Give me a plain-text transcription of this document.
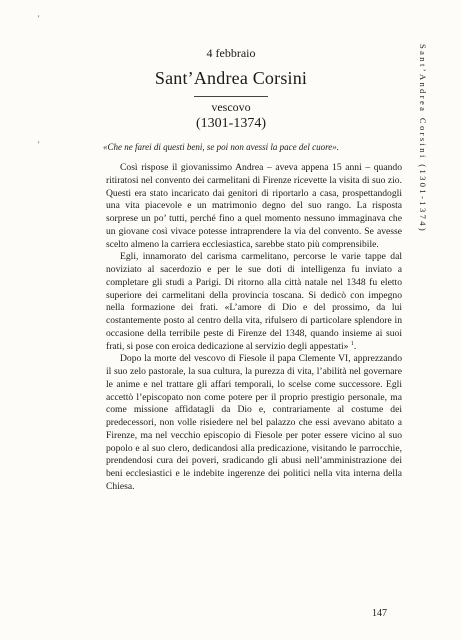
'
'
4 febbraio
Sant’Andrea Corsini
vescovo
(1301-1374)
«Che ne farei di questi beni, se poi non avessi la pace del cuore».

Così rispose il giovanissimo Andrea – aveva appena 15 anni – quando ritiratosi nel convento dei carmelitani di Firenze ricevette la visita di suo zio. Questi era stato incaricato dai genitori di riportarlo a casa, prospettandogli una vita piacevole e un matrimonio degno del suo rango. La risposta sorprese un po’ tutti, perché fino a quel momento nessuno immaginava che un giovane così vivace potesse intraprendere la via del convento. Se avesse scelto almeno la carriera ecclesiastica, sarebbe stato più comprensibile.

Egli, innamorato del carisma carmelitano, percorse le varie tappe dal noviziato al sacerdozio e per le sue doti di intelligenza fu inviato a completare gli studi a Parigi. Di ritorno alla città natale nel 1348 fu eletto superiore dei carmelitani della provincia toscana. Si dedicò con impegno nella formazione dei frati. «L’amore di Dio e del prossimo, da lui costantemente posto al centro della vita, rifulsero di particolare splendore in occasione della terribile peste di Firenze del 1348, quando insieme ai suoi frati, si pose con eroica dedicazione al servizio degli appestati» $^1$.

Dopo la morte del vescovo di Fiesole il papa Clemente VI, apprezzando il suo zelo pastorale, la sua cultura, la purezza di vita, l’abilità nel governare le anime e nel trattare gli affari temporali, lo scelse come successore. Egli accettò l’episcopato non come potere per il proprio prestigio personale, ma come missione affidatagli da Dio e, contrariamente al costume dei predecessori, non volle risiedere nel bel palazzo che essi avevano abitato a Firenze, ma nel vecchio episcopio di Fiesole per poter essere vicino al suo popolo e al suo clero, dedicandosi alla predicazione, visitando le parrocchie, prendendosi cura dei poveri, sradicando gli abusi nell’amministrazione dei beni ecclesiastici e le indebite ingerenze dei politici nella vita interna della Chiesa.

Sant’Andrea Corsini (1301-1374)
147
